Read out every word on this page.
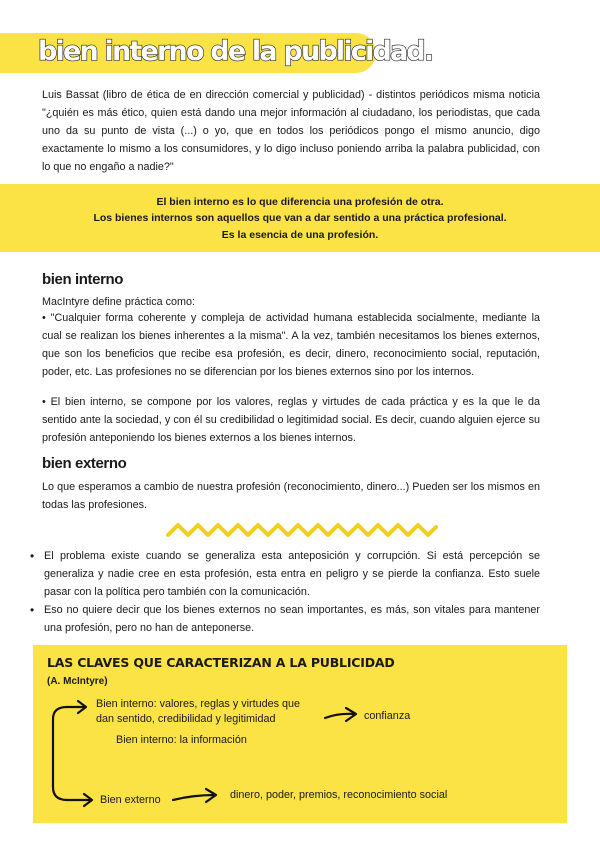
bien interno de la publicidad.

Luis Bassat (libro de ética de en dirección comercial y publicidad) - distintos periódicos misma noticia "¿quién es más ético, quien está dando una mejor información al ciudadano, los periodistas, que cada uno da su punto de vista (...) o yo, que en todos los periódicos pongo el mismo anuncio, digo exactamente lo mismo a los consumidores, y lo digo incluso poniendo arriba la palabra publicidad, con lo que no engaño a nadie?"

El bien interno es lo que diferencia una profesión de otra.

Los bienes internos son aquellos que van a dar sentido a una práctica profesional.

Es la esencia de una profesión.

bien interno

MacIntyre define práctica como:

• "Cualquier forma coherente y compleja de actividad humana establecida socialmente, mediante la cual se realizan los bienes inherentes a la misma". A la vez, también necesitamos los bienes externos, que son los beneficios que recibe esa profesión, es decir, dinero, reconocimiento social, reputación, poder, etc. Las profesiones no se diferencian por los bienes externos sino por los internos.

• El bien interno, se compone por los valores, reglas y virtudes de cada práctica y es la que le da sentido ante la sociedad, y con él su credibilidad o legitimidad social. Es decir, cuando alguien ejerce su profesión anteponiendo los bienes externos a los bienes internos.

bien externo

Lo que esperamos a cambio de nuestra profesión (reconocimiento, dinero...) Pueden ser los mismos en todas las profesiones.

• El problema existe cuando se generaliza esta anteposición y corrupción. Si está percepción se generaliza y nadie cree en esta profesión, esta entra en peligro y se pierde la confianza. Esto suele pasar con la política pero también con la comunicación.
• Eso no quiere decir que los bienes externos no sean importantes, es más, son vitales para mantener una profesión, pero no han de anteponerse.

LAS CLAVES QUE CARACTERIZAN A LA PUBLICIDAD

(A. McIntyre)

Bien interno: valores, reglas y virtudes que

dan sentido, credibilidad y legitimidad	confianza

Bien interno: la información

Bien externo	dinero, poder, premios, reconocimiento social
